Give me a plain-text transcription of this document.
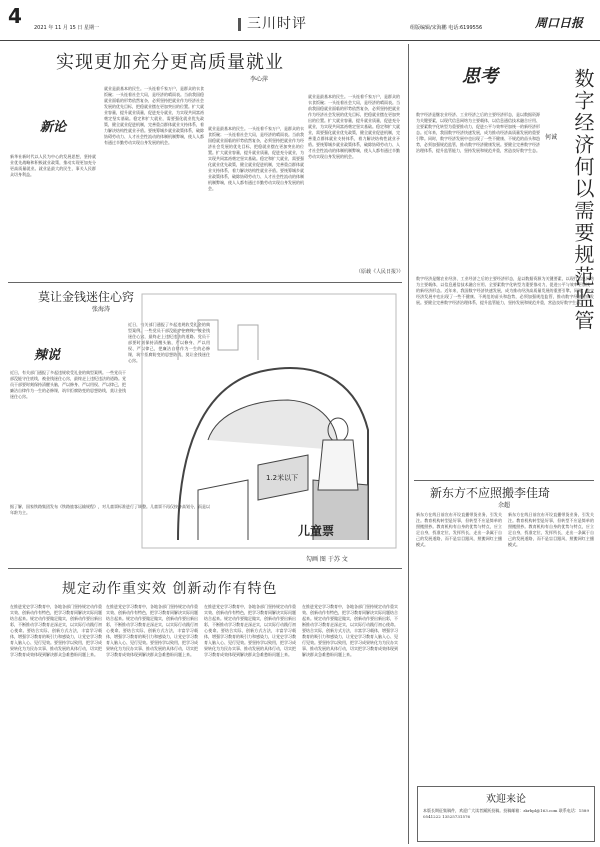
4 2021 年 11 月 15 日 星期一	三川时评	组版编辑/宋海鹏 电话:6199556	周口日报
实现更加充分更高质量就业
李心萍
新论
新华社新时代以人民为中心的发展思想，坚持就业优先战略和积极就业政策，推动实现更加充分更高质量就业。就业是最大的民生，事关人民群众切身利益。
就业是最基本的民生。一头连着千家万户，是群众的衣食饭碗；一头连着社会大局，是经济的晴雨表。当前我国稳就业面临的形势依然复杂，必须坚持把就业作为经济社会发展的优先目标，把稳就业摆在更加突出的位置。扩大就业容量，提升就业质量，促进充分就业，为实现共同富裕奠定坚实基础。稳定和扩大就业，需要强化就业优先政策，健全就业促进机制，完善重点群体就业支持体系，着力解决结构性就业矛盾。要统筹城乡就业政策体系，破除妨碍劳动力、人才社会性流动的体制机制弊端，使人人都有通过辛勤劳动实现自身发展的机会。
就业是最基本的民生。一头连着千家万户，是群众的衣食饭碗；一头连着社会大局，是经济的晴雨表。当前我国稳就业面临的形势依然复杂，必须坚持把就业作为经济社会发展的优先目标，把稳就业摆在更加突出的位置。扩大就业容量，提升就业质量，促进充分就业，为实现共同富裕奠定坚实基础。稳定和扩大就业，需要强化就业优先政策，健全就业促进机制，完善重点群体就业支持体系，着力解决结构性就业矛盾。要统筹城乡就业政策体系，破除妨碍劳动力、人才社会性流动的体制机制弊端，使人人都有通过辛勤劳动实现自身发展的机会。
就业是最基本的民生。一头连着千家万户，是群众的衣食饭碗；一头连着社会大局，是经济的晴雨表。当前我国稳就业面临的形势依然复杂，必须坚持把就业作为经济社会发展的优先目标，把稳就业摆在更加突出的位置。扩大就业容量，提升就业质量，促进充分就业，为实现共同富裕奠定坚实基础。稳定和扩大就业，需要强化就业优先政策，健全就业促进机制，完善重点群体就业支持体系，着力解决结构性就业矛盾。要统筹城乡就业政策体系，破除妨碍劳动力、人才社会性流动的体制机制弊端，使人人都有通过辛勤劳动实现自身发展的机会。
（原载《人民日报》）
莫让金钱迷住心窍
张海涛
辣说
近日，有关部门通报了多起违规收受礼金的典型案例。一些党员干部没能守住底线，被金钱迷住心窍，最终走上违纪违法的道路。党员干部要时刻保持清醒头脑，严以修身、严以用权、严以律己，把廉洁自律作为一生的必修课，筑牢拒腐防变的思想防线，莫让金钱迷住心窍。
近日，有关部门通报了多起违规收受礼金的典型案例。一些党员干部没能守住底线，被金钱迷住心窍，最终走上违纪违法的道路。党员干部要时刻保持清醒头脑，严以修身、严以用权、严以律己，把廉洁自律作为一生的必修课，筑牢拒腐防变的思想防线，莫让金钱迷住心窍。
据了解，国家铁路集团发布《铁路旅客运输规程》，对儿童票标准进行了调整。儿童票不再仅按身高划分，而是以年龄为主。
1.2米以下
儿童票
勾画 图 于苏 文
规定动作重实效 创新动作有特色
在推进党史学习教育中，各地各部门坚持规定动作重实效、创新动作有特色，把学习教育同解决实际问题结合起来。规定动作要做足做实，创新动作要出新出彩，不断推动学习教育走深走实，以实际行动践行初心使命。要结合实际，创新方式方法，丰富学习载体，增强学习教育的吸引力和感染力，让党史学习教育入脑入心、见行见效。要坚持学以致用，把学习成果转化为为民办实事、推动发展的具体行动，切实把学习教育成效体现到解决群众急难愁盼问题上来。
在推进党史学习教育中，各地各部门坚持规定动作重实效、创新动作有特色，把学习教育同解决实际问题结合起来。规定动作要做足做实，创新动作要出新出彩，不断推动学习教育走深走实，以实际行动践行初心使命。要结合实际，创新方式方法，丰富学习载体，增强学习教育的吸引力和感染力，让党史学习教育入脑入心、见行见效。要坚持学以致用，把学习成果转化为为民办实事、推动发展的具体行动，切实把学习教育成效体现到解决群众急难愁盼问题上来。
在推进党史学习教育中，各地各部门坚持规定动作重实效、创新动作有特色，把学习教育同解决实际问题结合起来。规定动作要做足做实，创新动作要出新出彩，不断推动学习教育走深走实，以实际行动践行初心使命。要结合实际，创新方式方法，丰富学习载体，增强学习教育的吸引力和感染力，让党史学习教育入脑入心、见行见效。要坚持学以致用，把学习成果转化为为民办实事、推动发展的具体行动，切实把学习教育成效体现到解决群众急难愁盼问题上来。
在推进党史学习教育中，各地各部门坚持规定动作重实效、创新动作有特色，把学习教育同解决实际问题结合起来。规定动作要做足做实，创新动作要出新出彩，不断推动学习教育走深走实，以实际行动践行初心使命。要结合实际，创新方式方法，丰富学习载体，增强学习教育的吸引力和感染力，让党史学习教育入脑入心、见行见效。要坚持学以致用，把学习成果转化为为民办实事、推动发展的具体行动，切实把学习教育成效体现到解决群众急难愁盼问题上来。
思考	数字经济何以需要规范监管
何诚
数字经济是继农业经济、工业经济之后的主要经济形态，是以数据资源为关键要素，以现代信息网络为主要载体，以信息通信技术融合应用、全要素数字化转型为重要推动力，促进公平与效率更加统一的新经济形态。近年来，我国数字经济快速发展，成为推动经济高质量发展的重要引擎。同时，数字经济发展中也出现了一些不健康、不规范的苗头和趋势，必须加强规范监管，推动数字经济健康发展。要健全完善数字经济治理体系，提升监管能力，坚持发展和规范并重，营造良好数字生态。
数字经济是继农业经济、工业经济之后的主要经济形态，是以数据资源为关键要素，以现代信息网络为主要载体，以信息通信技术融合应用、全要素数字化转型为重要推动力，促进公平与效率更加统一的新经济形态。近年来，我国数字经济快速发展，成为推动经济高质量发展的重要引擎。同时，数字经济发展中也出现了一些不健康、不规范的苗头和趋势，必须加强规范监管，推动数字经济健康发展。要健全完善数字经济治理体系，提升监管能力，坚持发展和规范并重，营造良好数字生态。
新东方不应照搬李佳琦
余超
新东方在线日前宣布开设直播带货业务，引发关注。教育机构转型是好事，但转型不应是简单的照搬照抄。教育机构有自身的优势与特点，应立足自身，找准定位，发挥所长，走出一条属于自己的发展道路，而不是盲目跟风，照搬网红主播模式。
新东方在线日前宣布开设直播带货业务，引发关注。教育机构转型是好事，但转型不应是简单的照搬照抄。教育机构有自身的优势与特点，应立足自身，找准定位，发挥所长，走出一条属于自己的发展道路，而不是盲目跟风，照搬网红主播模式。
欢迎来论
本版长期征集稿件，欢迎广大读者踊跃投稿。投稿邮箱：zkrbpl@163.com 联系电话：15890541222 13525731576
